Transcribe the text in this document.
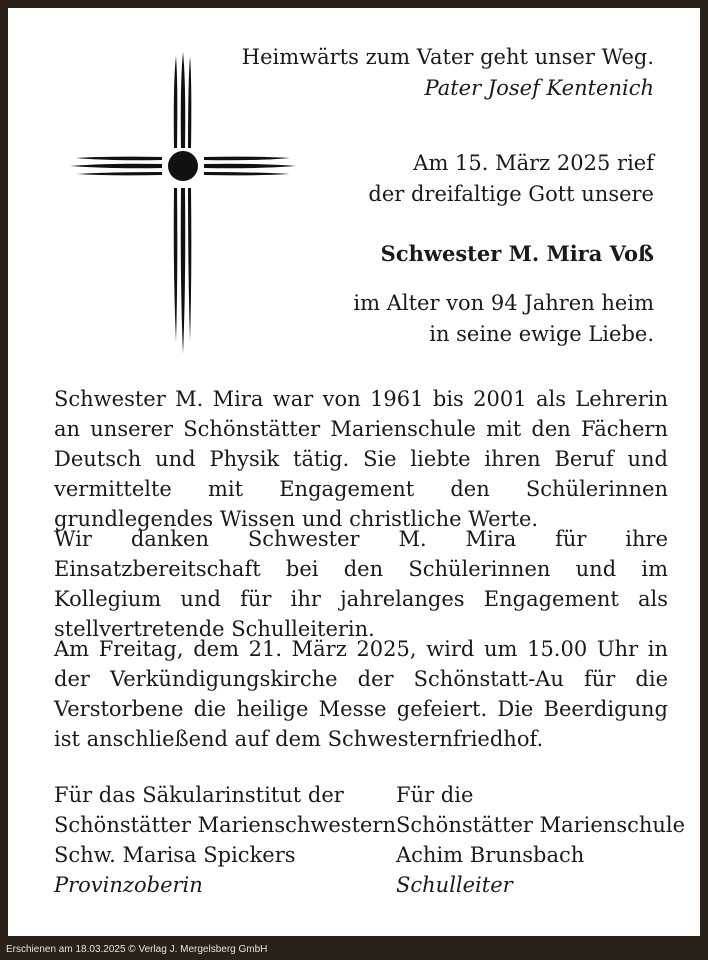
Heimwärts zum Vater geht unser Weg.
Pater Josef Kentenich
Am 15. März 2025 rief
der dreifaltige Gott unsere
Schwester M. Mira Voß
im Alter von 94 Jahren heim
in seine ewige Liebe.

Schwester M. Mira war von 1961 bis 2001 als Lehrerin an unserer Schönstätter Marienschule mit den Fächern Deutsch und Physik tätig. Sie liebte ihren Beruf und vermittelte mit Engagement den Schülerinnen grundlegendes Wissen und christliche Werte.

Wir danken Schwester M. Mira für ihre Einsatzbereitschaft bei den Schülerinnen und im Kollegium und für ihr jahrelanges Engagement als stellvertretende Schulleiterin.

Am Freitag, dem 21. März 2025, wird um 15.00 Uhr in der Verkündigungskirche der Schönstatt-Au für die Verstorbene die heilige Messe gefeiert. Die Beerdigung ist anschließend auf dem Schwesternfriedhof.

Für das Säkularinstitut der
Schönstätter Marienschwestern
Schw. Marisa Spickers
Provinzoberin
Für die
Schönstätter Marienschule
Achim Brunsbach
Schulleiter
Erschienen am 18.03.2025 © Verlag J. Mergelsberg GmbH
